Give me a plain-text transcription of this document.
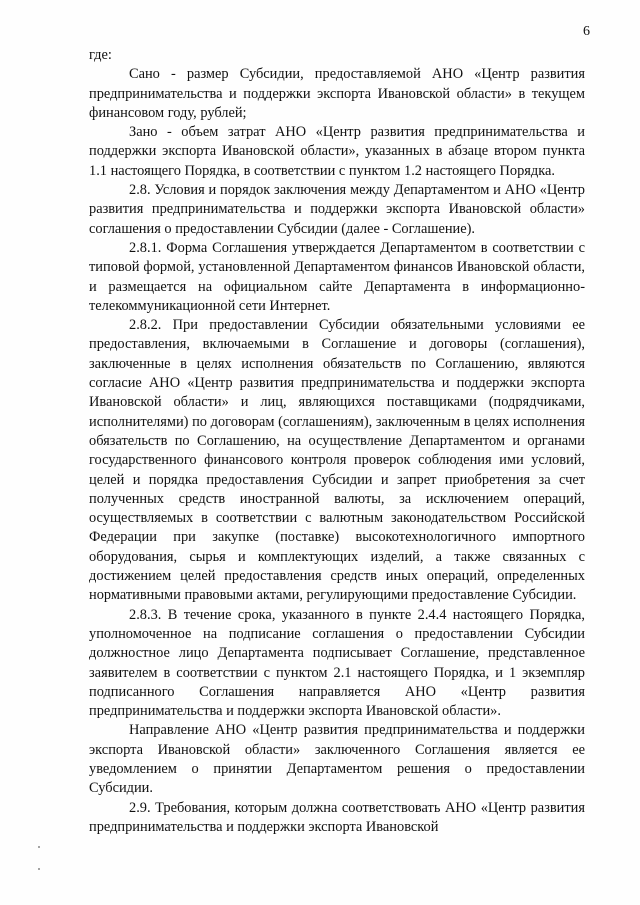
6

где:

Сано - размер Субсидии, предоставляемой АНО «Центр развития предпринимательства и поддержки экспорта Ивановской области» в текущем финансовом году, рублей;

Зано - объем затрат АНО «Центр развития предпринимательства и поддержки экспорта Ивановской области», указанных в абзаце втором пункта 1.1 настоящего Порядка, в соответствии с пунктом 1.2 настоящего Порядка.

2.8. Условия и порядок заключения между Департаментом и АНО «Центр развития предпринимательства и поддержки экспорта Ивановской области» соглашения о предоставлении Субсидии (далее - Соглашение).

2.8.1. Форма Соглашения утверждается Департаментом в соответствии с типовой формой, установленной Департаментом финансов Ивановской области, и размещается на официальном сайте Департамента в информационно-телекоммуникационной сети Интернет.

2.8.2. При предоставлении Субсидии обязательными условиями ее предоставления, включаемыми в Соглашение и договоры (соглашения), заключенные в целях исполнения обязательств по Соглашению, являются согласие АНО «Центр развития предпринимательства и поддержки экспорта Ивановской области» и лиц, являющихся поставщиками (подрядчиками, исполнителями) по договорам (соглашениям), заключенным в целях исполнения обязательств по Соглашению, на осуществление Департаментом и органами государственного финансового контроля проверок соблюдения ими условий, целей и порядка предоставления Субсидии и запрет приобретения за счет полученных средств иностранной валюты, за исключением операций, осуществляемых в соответствии с валютным законодательством Российской Федерации при закупке (поставке) высокотехнологичного импортного оборудования, сырья и комплектующих изделий, а также связанных с достижением целей предоставления средств иных операций, определенных нормативными правовыми актами, регулирующими предоставление Субсидии.

2.8.3. В течение срока, указанного в пункте 2.4.4 настоящего Порядка, уполномоченное на подписание соглашения о предоставлении Субсидии должностное лицо Департамента подписывает Соглашение, представленное заявителем в соответствии с пунктом 2.1 настоящего Порядка, и 1 экземпляр подписанного Соглашения направляется АНО «Центр развития предпринимательства и поддержки экспорта Ивановской области».

Направление АНО «Центр развития предпринимательства и поддержки экспорта Ивановской области» заключенного Соглашения является ее уведомлением о принятии Департаментом решения о предоставлении Субсидии.

2.9. Требования, которым должна соответствовать АНО «Центр развития предпринимательства и поддержки экспорта Ивановской
